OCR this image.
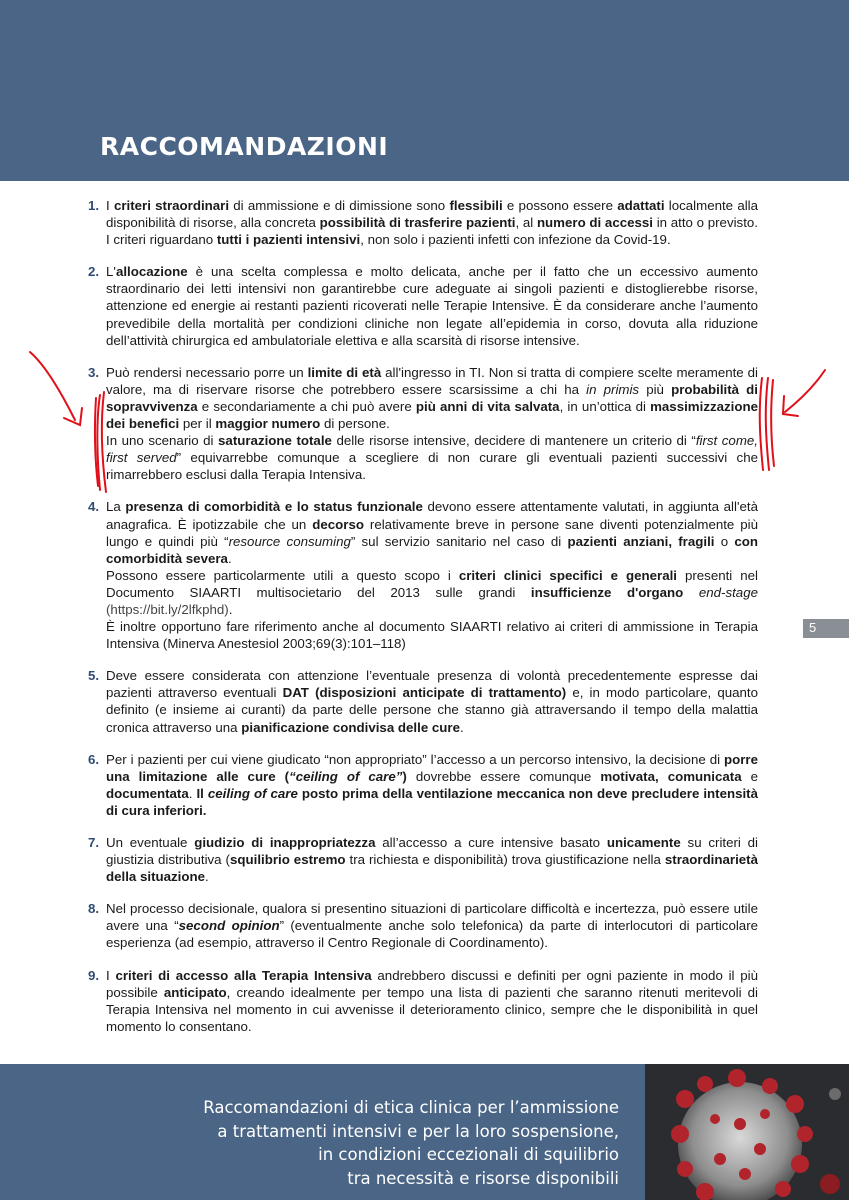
RACCOMANDAZIONI
1. I criteri straordinari di ammissione e di dimissione sono flessibili e possono essere adattati localmente alla disponibilità di risorse, alla concreta possibilità di trasferire pazienti, al numero di accessi in atto o previsto. I criteri riguardano tutti i pazienti intensivi, non solo i pazienti infetti con infezione da Covid-19.

2. L'allocazione è una scelta complessa e molto delicata, anche per il fatto che un eccessivo aumento straordinario dei letti intensivi non garantirebbe cure adeguate ai singoli pazienti e distoglierebbe risorse, attenzione ed energie ai restanti pazienti ricoverati nelle Terapie Intensive. È da considerare anche l’aumento prevedibile della mortalità per condizioni cliniche non legate all’epidemia in corso, dovuta alla riduzione dell’attività chirurgica ed ambulatoriale elettiva e alla scarsità di risorse intensive.

3. Può rendersi necessario porre un limite di età all'ingresso in TI. Non si tratta di compiere scelte meramente di valore, ma di riservare risorse che potrebbero essere scarsissime a chi ha in primis più probabilità di sopravvivenza e secondariamente a chi può avere più anni di vita salvata, in un’ottica di massimizzazione dei benefici per il maggior numero di persone.

In uno scenario di saturazione totale delle risorse intensive, decidere di mantenere un criterio di “first come, first served” equivarrebbe comunque a scegliere di non curare gli eventuali pazienti successivi che rimarrebbero esclusi dalla Terapia Intensiva.

4. La presenza di comorbidità e lo status funzionale devono essere attentamente valutati, in aggiunta all'età anagrafica. È ipotizzabile che un decorso relativamente breve in persone sane diventi potenzialmente più lungo e quindi più “resource consuming” sul servizio sanitario nel caso di pazienti anziani, fragili o con comorbidità severa.

Possono essere particolarmente utili a questo scopo i criteri clinici specifici e generali presenti nel Documento SIAARTI multisocietario del 2013 sulle grandi insufficienze d'organo end-stage (https://bit.ly/2lfkphd).

È inoltre opportuno fare riferimento anche al documento SIAARTI relativo ai criteri di ammissione in Terapia Intensiva (Minerva Anestesiol 2003;69(3):101–118)

5. Deve essere considerata con attenzione l’eventuale presenza di volontà precedentemente espresse dai pazienti attraverso eventuali DAT (disposizioni anticipate di trattamento) e, in modo particolare, quanto definito (e insieme ai curanti) da parte delle persone che stanno già attraversando il tempo della malattia cronica attraverso una pianificazione condivisa delle cure.

6. Per i pazienti per cui viene giudicato “non appropriato” l’accesso a un percorso intensivo, la decisione di porre una limitazione alle cure (“ceiling of care”) dovrebbe essere comunque motivata, comunicata e documentata. Il ceiling of care posto prima della ventilazione meccanica non deve precludere intensità di cura inferiori.

7. Un eventuale giudizio di inappropriatezza all’accesso a cure intensive basato unicamente su criteri di giustizia distributiva (squilibrio estremo tra richiesta e disponibilità) trova giustificazione nella straordinarietà della situazione.

8. Nel processo decisionale, qualora si presentino situazioni di particolare difficoltà e incertezza, può essere utile avere una “second opinion” (eventualmente anche solo telefonica) da parte di interlocutori di particolare esperienza (ad esempio, attraverso il Centro Regionale di Coordinamento).

9. I criteri di accesso alla Terapia Intensiva andrebbero discussi e definiti per ogni paziente in modo il più possibile anticipato, creando idealmente per tempo una lista di pazienti che saranno ritenuti meritevoli di Terapia Intensiva nel momento in cui avvenisse il deterioramento clinico, sempre che le disponibilità in quel momento lo consentano.

5
Raccomandazioni di etica clinica per l’ammissione
a trattamenti intensivi e per la loro sospensione,
in condizioni eccezionali di squilibrio
tra necessità e risorse disponibili
